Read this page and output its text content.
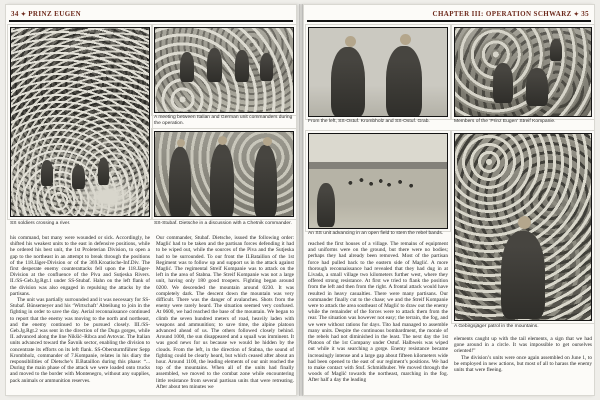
34 ✦ PRINZ EUGEN
SS soldiers crossing a river.
A meeting between Italian and German unit commanders during the operation.
SS-Stubaf. Dietsche in a discussion with a Chetnik commander.

his command, but many were wounded or sick. Accordingly, he shifted his weakest units to the east in defensive positions, while he ordered his best unit, the 1st Proleterian Division, to open a gap to the northeast in an attempt to break through the positions of the 118.Jäger-Division or of the 369.Kroatische-Inf.Div. The first desperate enemy counterattacks fell upon the 118.Jäger-Division at the confluence of the Piva and Sutjeska Rivers. II./SS-Geb.Jg.Rgt.1 under SS-Stubaf. Hahn on the left flank of the division was also engaged in repulsing the attacks by the partisans.

The unit was partially surrounded and it was necessary for SS-Stubaf. Bünsemeyer and his ‘Wirtschaft’ Abteilung to join in the fighting in order to save the day. Aerial reconnaissance continued to report that the enemy was moving to the north and northeast, and the enemy continued to be pursued closely. III./SS-Geb.Jg.Rgt.2 was sent in the direction of the Duga gorges, while II. advanced along the line Nikšić–Ribca and Avtovac. The Italian units advanced toward the Šavnik sector, enabling the division to concentrate its efforts on its left flank. SS-Obersturmführer Sepp Krombholz, commander of 7.Kompanie, relates in his diary the responsibilities of Dietsche’s II.Bataillon during this phase: “... During the main phase of the attack we were loaded onto trucks and moved to the border with Montenegro, without any supplies, pack animals or ammunition reserves.

Our commander, Stubaf. Dietsche, issued the following order: Maglić had to be taken and the partisan forces defending it had to be wiped out, while the sources of the Piva and the Sutjeska had to be surrounded. To our front the II.Bataillon of the 1st Regiment was to follow up and support us in the attack against Maglić. The regimental Streif Kompanie was to attack on the left in the area of Stabna. The Streif Kompanie was not a large unit, having only 180 good troopers. Fighting began around 0200. We descended the mountain around 0230. It was completely dark. The descent down the mountain was very difficult. There was the danger of avalanches. Shots from the enemy were rarely heard. The situation seemed very confused. At 0600, we had reached the base of the mountain. We began to climb the seven hundred meters of road, heavily laden with weapons and ammunition; to save time, the alpine platoon advanced ahead of us. The others followed closely behind. Around 1000, the sun disappeared and a squall was imminent. It was good news for us because we would be hidden by the clouds. From the left, in the direction of Stabna, the sound of fighting could be clearly heard, but which ceased after about an hour. Around 1100, the leading elements of our unit reached the top of the mountains. When all of the units had finally assembled, we moved to the combat zone while encountering little resistance from several partisan units that were retreating. After about ten minutes we

CHAPTER III: OPERATION SCHWARZ ✦ 35
From the left, SS-Ostuf. Krombholz and SS-Ostuf. Grab.	Members of the ‘Prinz Eugen’ Streif Kompanie.
An SS unit advancing in an open field to stem the rebel bands.
A Gebirgsjäger patrol in the mountains.

reached the first houses of a village. The remains of equipment and uniforms were on the ground, but there were no bodies; perhaps they had already been removed. Most of the partisan force had pulled back to the eastern side of Maglić. A more thorough reconnaissance had revealed that they had dug in at Livada, a small village two kilometers further west, where they offered strong resistance. At first we tried to flank the position from the left and then from the right. A frontal attack would have resulted in heavy casualties. There were many partisans. Our commander finally cut to the chase; we and the Streif Kompanie were to attack the area southeast of Maglić to draw out the enemy while the remainder of the forces were to attack them from the rear. The situation was however not easy; the terrain, the fog, and we were without rations for days. Tito had managed to assemble many units. Despite the continuous bombardment, the morale of the rebels had not diminished in the least. The next day the 1st Platoon of the 1st Company under Ostuf. Halbweis was wiped out while it was searching a gorge. Enemy resistance became increasingly intense and a large gap about fifteen kilometers wide had been opened to the east of our regiment’s positions. We had to make contact with Stuf. Schmidhuber. We moved through the woods of Maglić towards the northeast, marching in the fog. After half a day the leading

elements caught up with the tail elements, a sign that we had gone around in a circle. It was impossible to get ourselves oriented!”

The division’s units were once again assembled on June 1, to be employed in new actions, but most of all to harass the enemy units that were fleeing.
